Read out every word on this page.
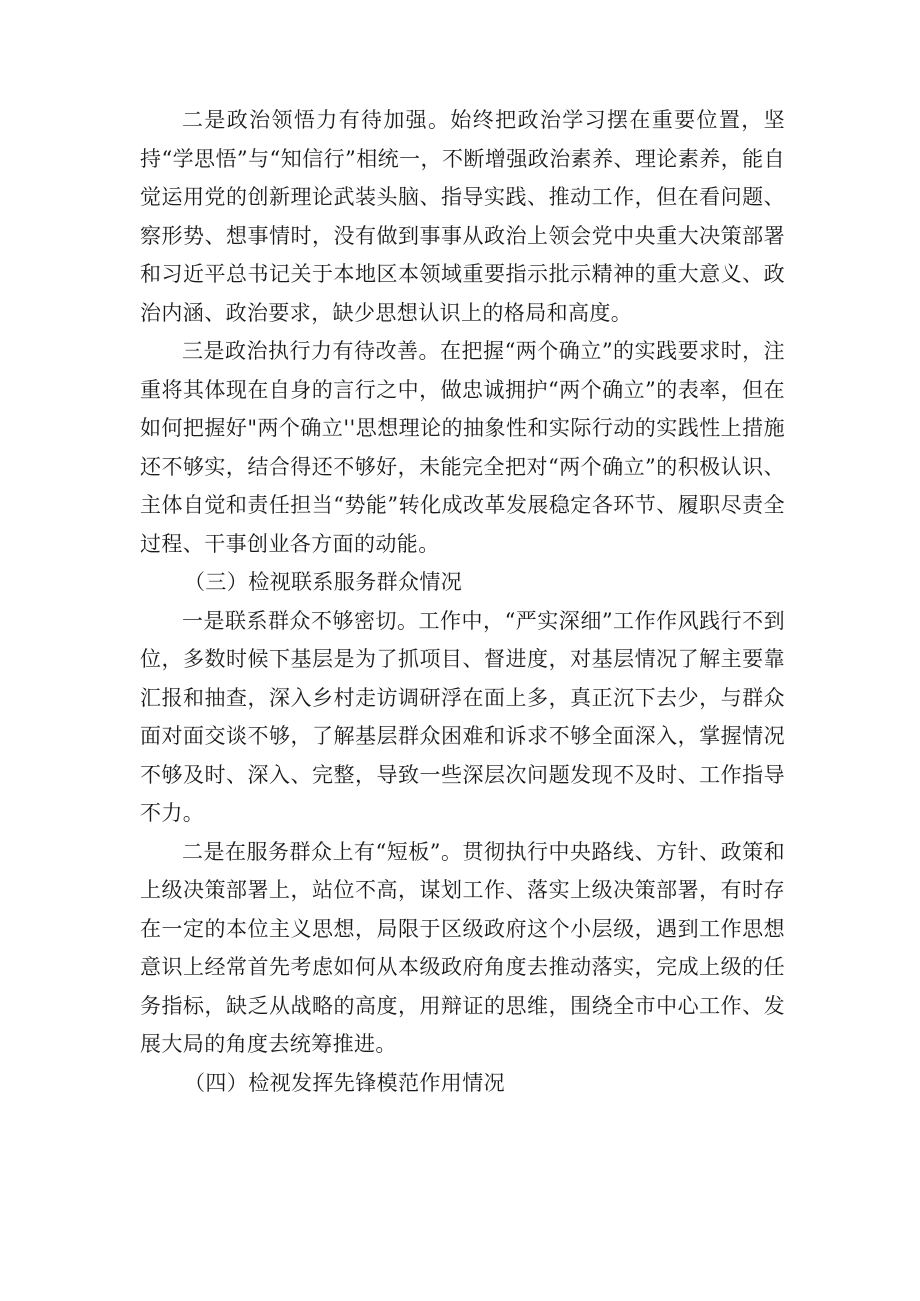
二是政治领悟力有待加强。始终把政治学习摆在重要位置，坚持“学思悟”与“知信行”相统一，不断增强政治素养、理论素养，能自觉运用党的创新理论武装头脑、指导实践、推动工作，但在看问题、察形势、想事情时，没有做到事事从政治上领会党中央重大决策部署和习近平总书记关于本地区本领域重要指示批示精神的重大意义、政治内涵、政治要求，缺少思想认识上的格局和高度。

三是政治执行力有待改善。在把握“两个确立”的实践要求时，注重将其体现在自身的言行之中，做忠诚拥护“两个确立”的表率，但在如何把握好"两个确立''思想理论的抽象性和实际行动的实践性上措施还不够实，结合得还不够好，未能完全把对“两个确立”的积极认识、主体自觉和责任担当“势能”转化成改革发展稳定各环节、履职尽责全过程、干事创业各方面的动能。

（三）检视联系服务群众情况

一是联系群众不够密切。工作中，“严实深细”工作作风践行不到位，多数时候下基层是为了抓项目、督进度，对基层情况了解主要靠汇报和抽查，深入乡村走访调研浮在面上多，真正沉下去少，与群众面对面交谈不够，了解基层群众困难和诉求不够全面深入，掌握情况不够及时、深入、完整，导致一些深层次问题发现不及时、工作指导不力。

二是在服务群众上有“短板”。贯彻执行中央路线、方针、政策和上级决策部署上，站位不高，谋划工作、落实上级决策部署，有时存在一定的本位主义思想，局限于区级政府这个小层级，遇到工作思想意识上经常首先考虑如何从本级政府角度去推动落实，完成上级的任务指标，缺乏从战略的高度，用辩证的思维，围绕全市中心工作、发展大局的角度去统筹推进。

（四）检视发挥先锋模范作用情况
